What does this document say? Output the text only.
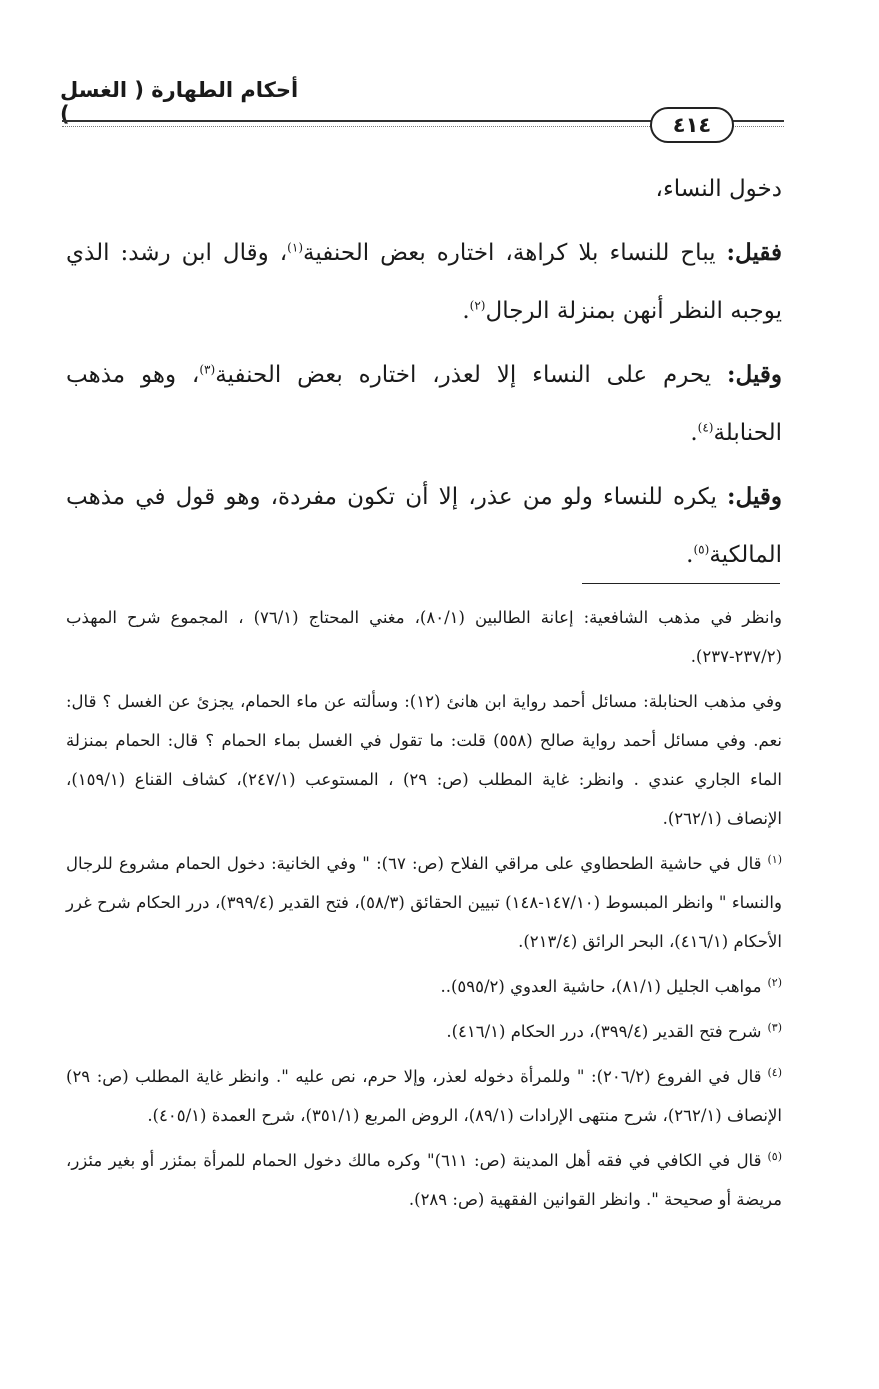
أحكام الطهارة ( الغسل )	٤١٤

دخول النساء،

فقيل: يباح للنساء بلا كراهة، اختاره بعض الحنفية$^{(١)}$، وقال ابن رشد: الذي يوجبه النظر أنهن بمنزلة الرجال$^{(٢)}$.

وقيل: يحرم على النساء إلا لعذر، اختاره بعض الحنفية$^{(٣)}$، وهو مذهب الحنابلة$^{(٤)}$.

وقيل: يكره للنساء ولو من عذر، إلا أن تكون مفردة، وهو قول في مذهب المالكية$^{(٥)}$.

وانظر في مذهب الشافعية: إعانة الطالبين (٨٠/١)، مغني المحتاج (٧٦/١) ، المجموع شرح المهذب (٢٣٧/٢-٢٣٧).

وفي مذهب الحنابلة: مسائل أحمد رواية ابن هانئ (١٢): وسألته عن ماء الحمام، يجزئ عن الغسل ؟ قال: نعم. وفي مسائل أحمد رواية صالح (٥٥٨) قلت: ما تقول في الغسل بماء الحمام ؟ قال: الحمام بمنزلة الماء الجاري عندي . وانظر: غاية المطلب (ص: ٢٩) ، المستوعب (٢٤٧/١)، كشاف القناع (١٥٩/١)، الإنصاف (٢٦٢/١).

$^{(١)}$قال في حاشية الطحطاوي على مراقي الفلاح (ص: ٦٧): " وفي الخانية: دخول الحمام مشروع للرجال والنساء " وانظر المبسوط (١٤٧/١٠-١٤٨) تبيين الحقائق (٥٨/٣)، فتح القدير (٣٩٩/٤)، درر الحكام شرح غرر الأحكام (٤١٦/١)، البحر الرائق (٢١٣/٤).

$^{(٢)}$مواهب الجليل (٨١/١)، حاشية العدوي (٥٩٥/٢)..

$^{(٣)}$شرح فتح القدير (٣٩٩/٤)، درر الحكام (٤١٦/١).

$^{(٤)}$قال في الفروع (٢٠٦/٢): " وللمرأة دخوله لعذر، وإلا حرم، نص عليه ". وانظر غاية المطلب (ص: ٢٩) الإنصاف (٢٦٢/١)، شرح منتهى الإرادات (٨٩/١)، الروض المربع (٣٥١/١)، شرح العمدة (٤٠٥/١).

$^{(٥)}$قال في الكافي في فقه أهل المدينة (ص: ٦١١)" وكره مالك دخول الحمام للمرأة بمئزر أو بغير مئزر، مريضة أو صحيحة ". وانظر القوانين الفقهية (ص: ٢٨٩).
